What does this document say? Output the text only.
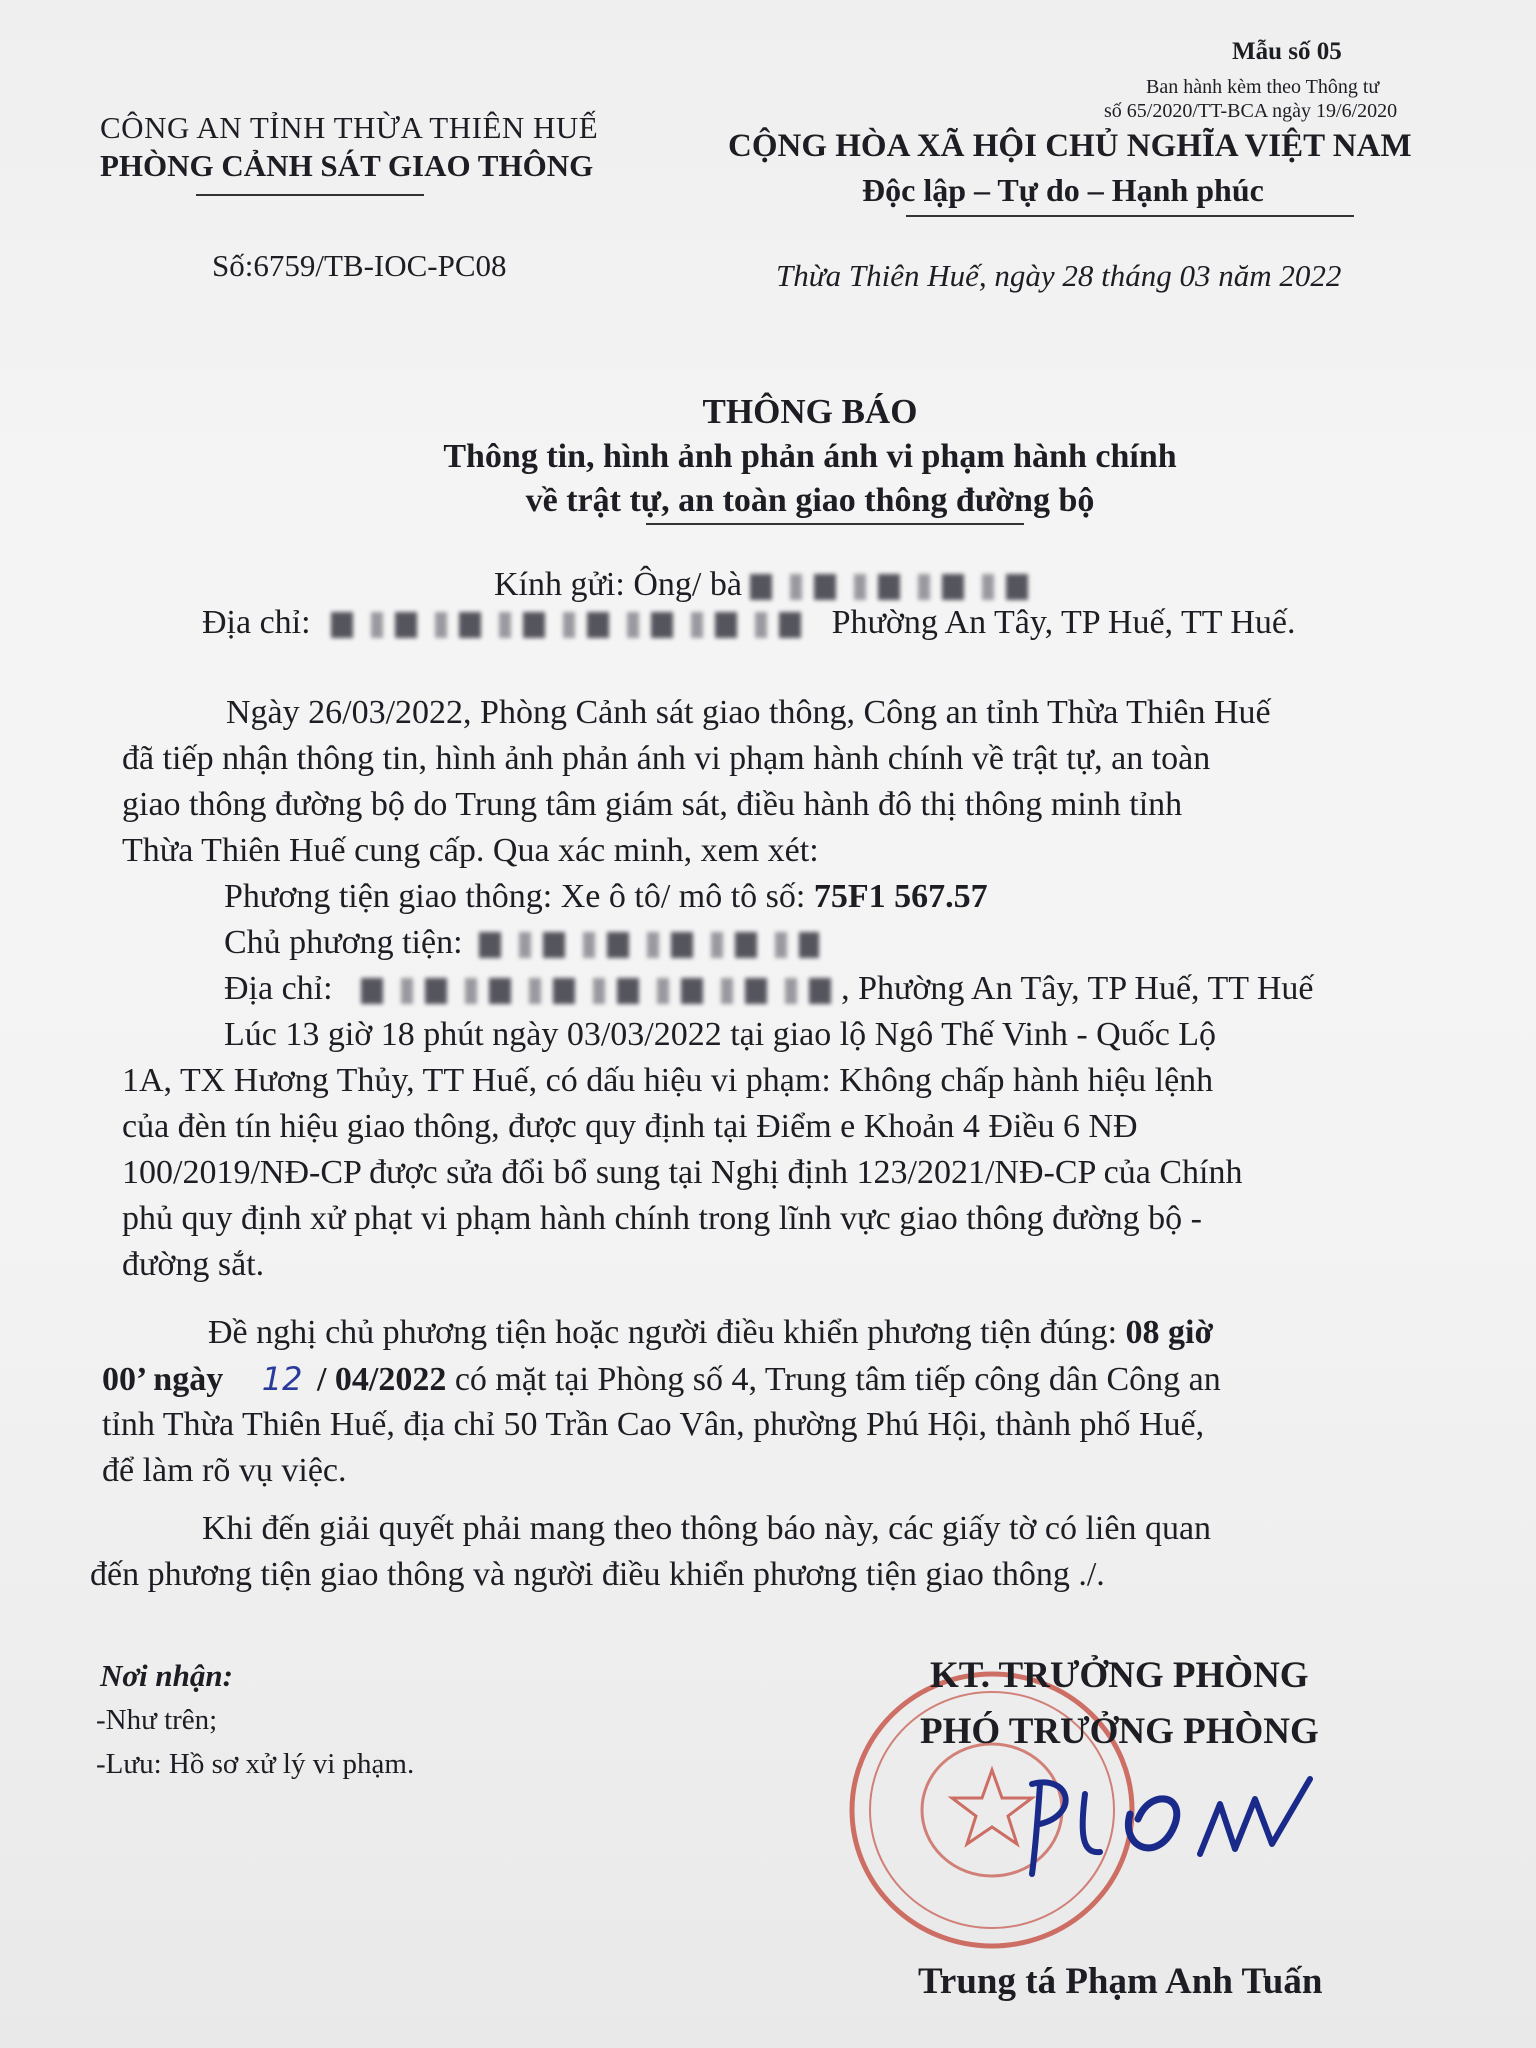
Mẫu số 05
Ban hành kèm theo Thông tư
số 65/2020/TT-BCA ngày 19/6/2020
CÔNG AN TỈNH THỪA THIÊN HUẾ
PHÒNG CẢNH SÁT GIAO THÔNG
Số:6759/TB-IOC-PC08
CỘNG HÒA XÃ HỘI CHỦ NGHĨA VIỆT NAM
Độc lập – Tự do – Hạnh phúc
Thừa Thiên Huế, ngày 28 tháng 03 năm 2022
THÔNG BÁO
Thông tin, hình ảnh phản ánh vi phạm hành chính
về trật tự, an toàn giao thông đường bộ
Kính gửi: Ông/ bà
Địa chỉ:	Phường An Tây, TP Huế, TT Huế.
Ngày 26/03/2022, Phòng Cảnh sát giao thông, Công an tỉnh Thừa Thiên Huế
đã tiếp nhận thông tin, hình ảnh phản ánh vi phạm hành chính về trật tự, an toàn
giao thông đường bộ do Trung tâm giám sát, điều hành đô thị thông minh tỉnh
Thừa Thiên Huế cung cấp. Qua xác minh, xem xét:
Phương tiện giao thông: Xe ô tô/ mô tô số: 75F1 567.57
Chủ phương tiện:
Địa chỉ:	, Phường An Tây, TP Huế, TT Huế
Lúc 13 giờ 18 phút ngày 03/03/2022 tại giao lộ Ngô Thế Vinh - Quốc Lộ
1A, TX Hương Thủy, TT Huế, có dấu hiệu vi phạm: Không chấp hành hiệu lệnh
của đèn tín hiệu giao thông, được quy định tại Điểm e Khoản 4 Điều 6 NĐ
100/2019/NĐ-CP được sửa đổi bổ sung tại Nghị định 123/2021/NĐ-CP của Chính
phủ quy định xử phạt vi phạm hành chính trong lĩnh vực giao thông đường bộ -
đường sắt.
Đề nghị chủ phương tiện hoặc người điều khiển phương tiện đúng: 08 giờ
00’ ngày 12 / 04/2022 có mặt tại Phòng số 4, Trung tâm tiếp công dân Công an
tỉnh Thừa Thiên Huế, địa chỉ 50 Trần Cao Vân, phường Phú Hội, thành phố Huế,
để làm rõ vụ việc.
Khi đến giải quyết phải mang theo thông báo này, các giấy tờ có liên quan
đến phương tiện giao thông và người điều khiển phương tiện giao thông ./.
Nơi nhận:
-Như trên;
-Lưu: Hồ sơ xử lý vi phạm.
KT. TRƯỞNG PHÒNG
PHÓ TRƯỞNG PHÒNG
Trung tá Phạm Anh Tuấn
